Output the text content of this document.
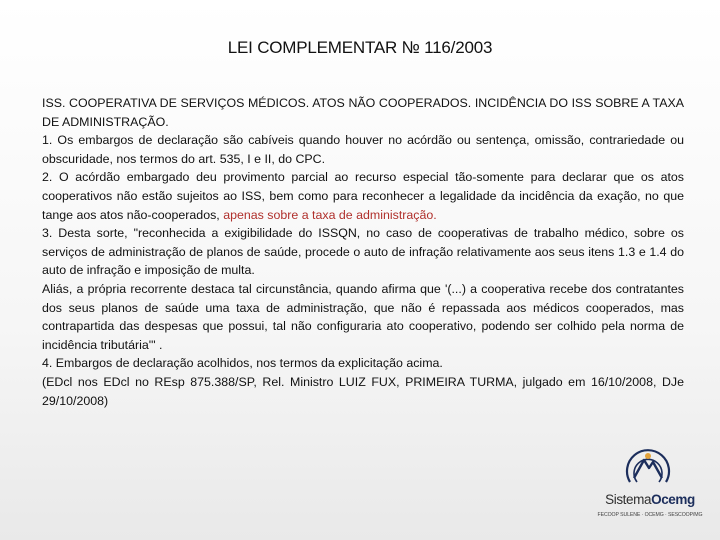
LEI COMPLEMENTAR № 116/2003

ISS. COOPERATIVA DE SERVIÇOS MÉDICOS. ATOS NÃO COOPERADOS. INCIDÊNCIA DO ISS SOBRE A TAXA DE ADMINISTRAÇÃO.

1. Os embargos de declaração são cabíveis quando houver no acórdão ou sentença, omissão, contrariedade ou obscuridade, nos termos do art. 535, I e II, do CPC.

2. O acórdão embargado deu provimento parcial ao recurso especial tão-somente para declarar que os atos cooperativos não estão sujeitos ao ISS, bem como para reconhecer a legalidade da incidência da exação, no que tange aos atos não-cooperados, apenas sobre a taxa de administração.

3. Desta sorte, "reconhecida a exigibilidade do ISSQN, no caso de cooperativas de trabalho médico, sobre os serviços de administração de planos de saúde, procede o auto de infração relativamente aos seus itens 1.3 e 1.4 do auto de infração e imposição de multa.

Aliás, a própria recorrente destaca tal circunstância, quando afirma que '(...) a cooperativa recebe dos contratantes dos seus planos de saúde uma taxa de administração, que não é repassada aos médicos cooperados, mas contrapartida das despesas que possui, tal não configuraria ato cooperativo, podendo ser colhido pela norma de incidência tributária'" .

4. Embargos de declaração acolhidos, nos termos da explicitação acima.

(EDcl nos EDcl no REsp 875.388/SP, Rel. Ministro LUIZ FUX, PRIMEIRA TURMA, julgado em 16/10/2008, DJe 29/10/2008)

SistemaOcemg
FECOOP SULENE · OCEMG · SESCOOP/MG
